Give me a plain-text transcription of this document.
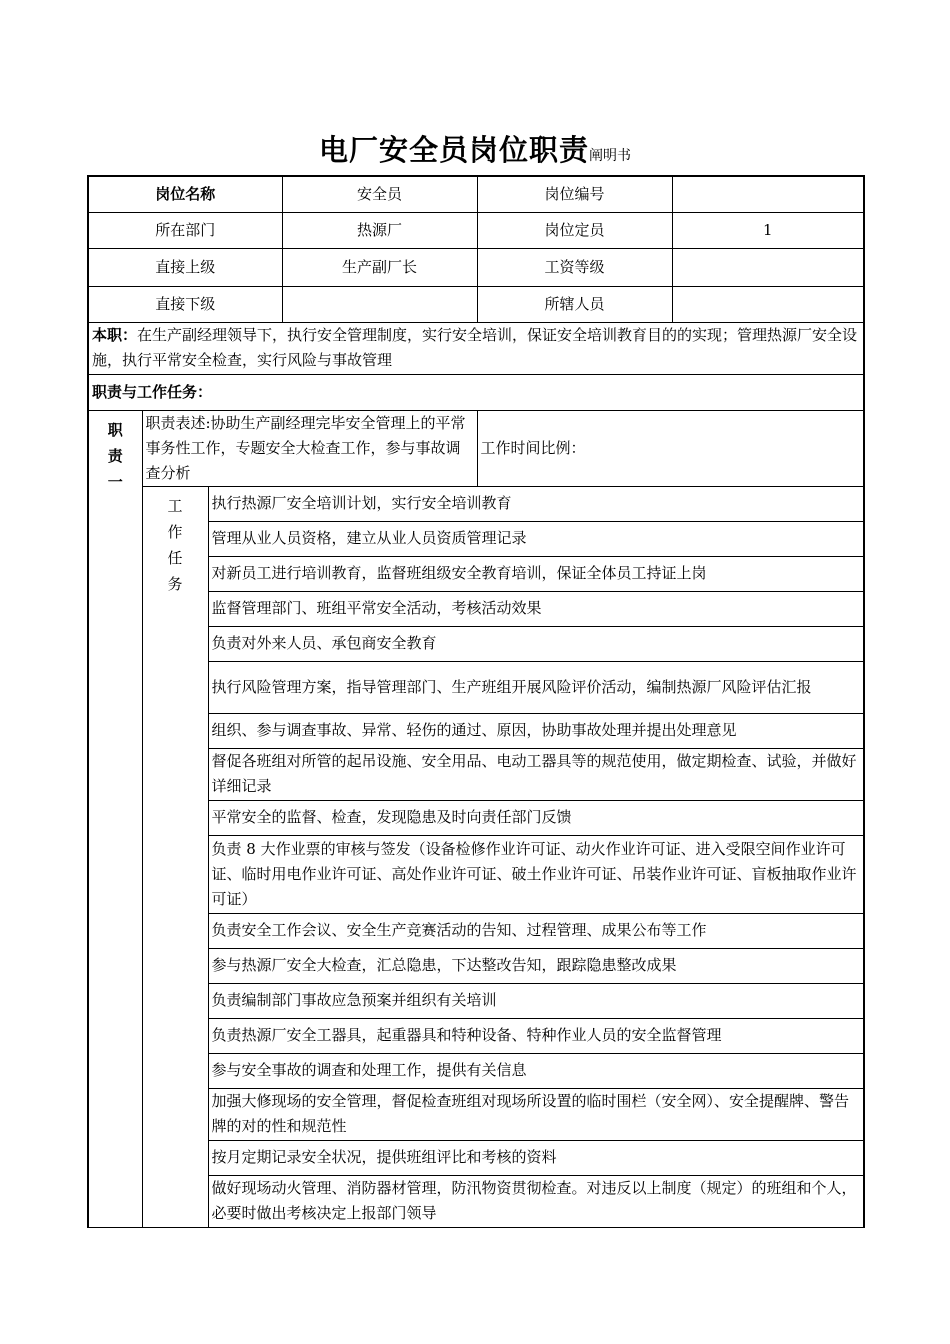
电厂安全员岗位职责阐明书
岗位名称			安全员	岗位编号	
所在部门			热源厂	岗位定员	1
直接上级			生产副厂长	工资等级	
直接下级				所辖人员	
本职：在生产副经理领导下，执行安全管理制度，实行安全培训，保证安全培训教育目的的实现；管理热源厂安全设施，执行平常安全检查，实行风险与事故管理					
职责与工作任务：					

职
责
一	职责表述:协助生产副经理完毕安全管理上的平常事务性工作，专题安全大检查工作，参与事故调查分析			工作时间比例：	

	工
作
任
务	执行热源厂安全培训计划，实行安全培训教育			
		管理从业人员资格，建立从业人员资质管理记录			
		对新员工进行培训教育，监督班组级安全教育培训，保证全体员工持证上岗			
		监督管理部门、班组平常安全活动，考核活动效果			
		负责对外来人员、承包商安全教育			
		执行风险管理方案，指导管理部门、生产班组开展风险评价活动，编制热源厂风险评估汇报			
		组织、参与调查事故、异常、轻伤的通过、原因，协助事故处理并提出处理意见			
		督促各班组对所管的起吊设施、安全用品、电动工器具等的规范使用，做定期检查、试验，并做好详细记录			
		平常安全的监督、检查，发现隐患及时向责任部门反馈			
		负责 8 大作业票的审核与签发（设备检修作业许可证、动火作业许可证、进入受限空间作业许可证、临时用电作业许可证、高处作业许可证、破土作业许可证、吊装作业许可证、盲板抽取作业许可证）			
		负责安全工作会议、安全生产竞赛活动的告知、过程管理、成果公布等工作			
		参与热源厂安全大检查，汇总隐患，下达整改告知，跟踪隐患整改成果			
		负责编制部门事故应急预案并组织有关培训			
		负责热源厂安全工器具，起重器具和特种设备、特种作业人员的安全监督管理			
		参与安全事故的调查和处理工作，提供有关信息			
		加强大修现场的安全管理，督促检查班组对现场所设置的临时围栏（安全网）、安全提醒牌、警告牌的对的性和规范性			
		按月定期记录安全状况，提供班组评比和考核的资料			
		做好现场动火管理、消防器材管理，防汛物资贯彻检查。对违反以上制度（规定）的班组和个人，必要时做出考核决定上报部门领导			
